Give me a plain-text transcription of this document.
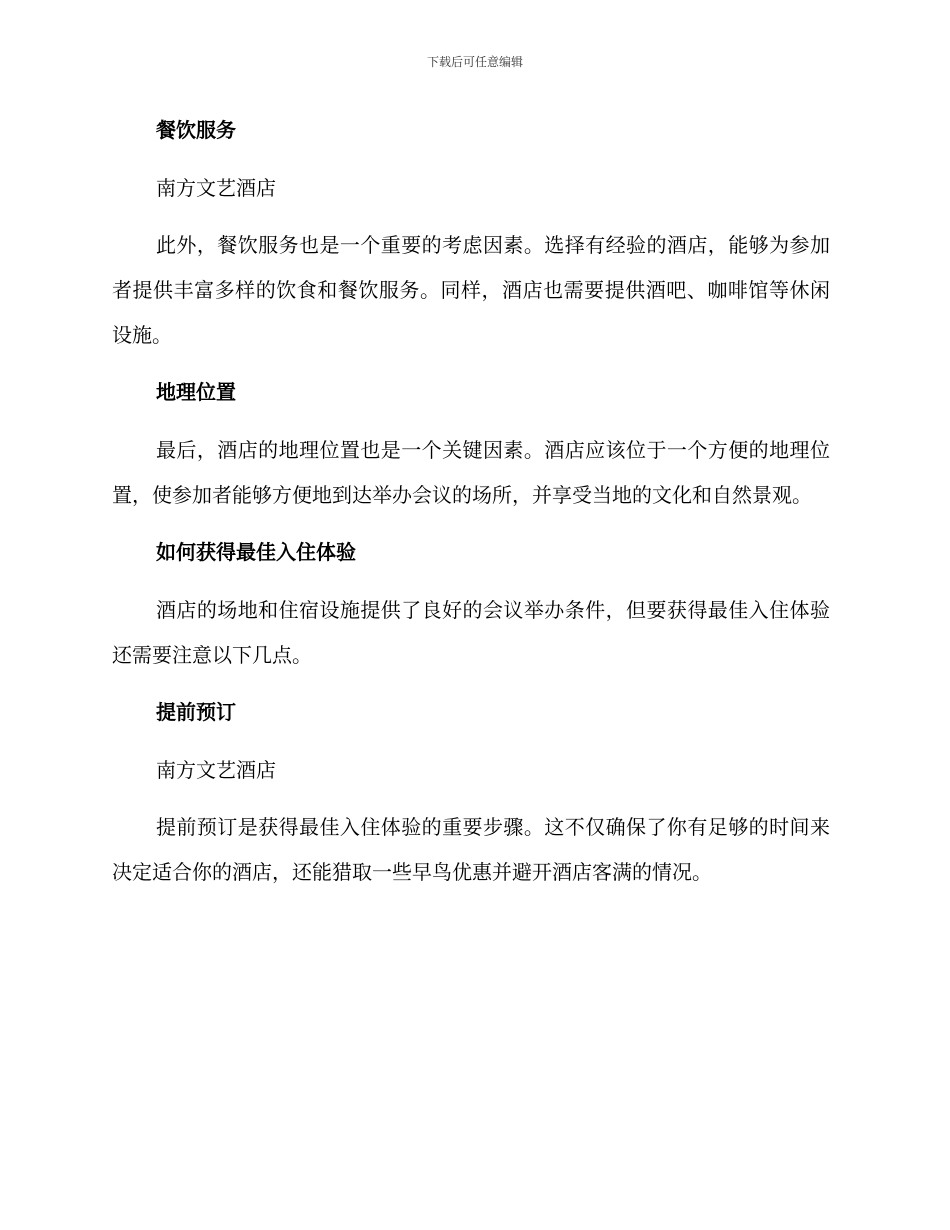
下载后可任意编辑
餐饮服务

南方文艺酒店

此外，餐饮服务也是一个重要的考虑因素。选择有经验的酒店，能够为参加者提供丰富多样的饮食和餐饮服务。同样，酒店也需要提供酒吧、咖啡馆等休闲设施。

地理位置

最后，酒店的地理位置也是一个关键因素。酒店应该位于一个方便的地理位置，使参加者能够方便地到达举办会议的场所，并享受当地的文化和自然景观。

如何获得最佳入住体验

酒店的场地和住宿设施提供了良好的会议举办条件，但要获得最佳入住体验还需要注意以下几点。

提前预订

南方文艺酒店

提前预订是获得最佳入住体验的重要步骤。这不仅确保了你有足够的时间来决定适合你的酒店，还能猎取一些早鸟优惠并避开酒店客满的情况。
